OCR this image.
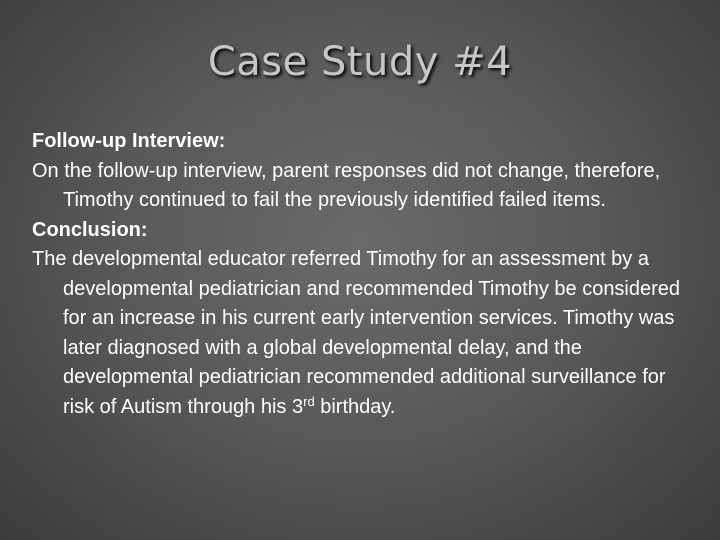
Case Study #4

Follow-up Interview:

On the follow-up interview, parent responses did not change, therefore, Timothy continued to fail the previously identified failed items.

Conclusion:

The developmental educator referred Timothy for an assessment by a developmental pediatrician and recommended Timothy be considered for an increase in his current early intervention services. Timothy was later diagnosed with a global developmental delay, and the developmental pediatrician recommended additional surveillance for risk of Autism through his 3rd birthday.
